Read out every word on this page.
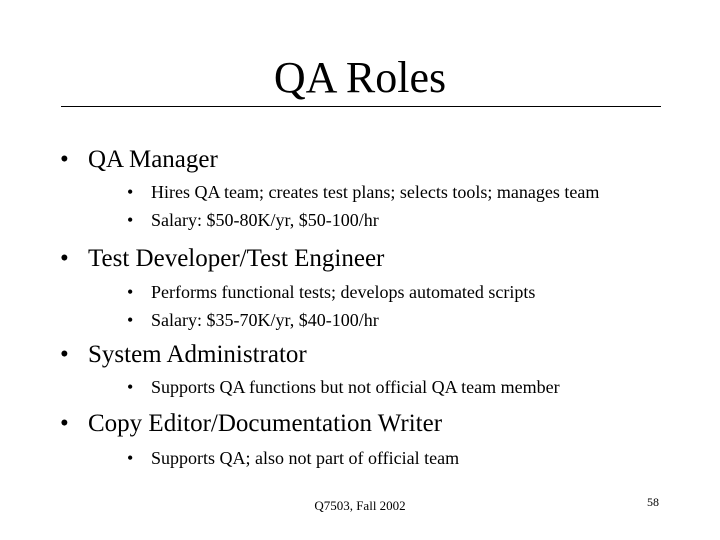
QA Roles
• QA Manager
• Hires QA team; creates test plans; selects tools; manages team
• Salary: $50-80K/yr, $50-100/hr
• Test Developer/Test Engineer
• Performs functional tests; develops automated scripts
• Salary: $35-70K/yr, $40-100/hr
• System Administrator
• Supports QA functions but not official QA team member
• Copy Editor/Documentation Writer
• Supports QA; also not part of official team
Q7503, Fall 2002	58
